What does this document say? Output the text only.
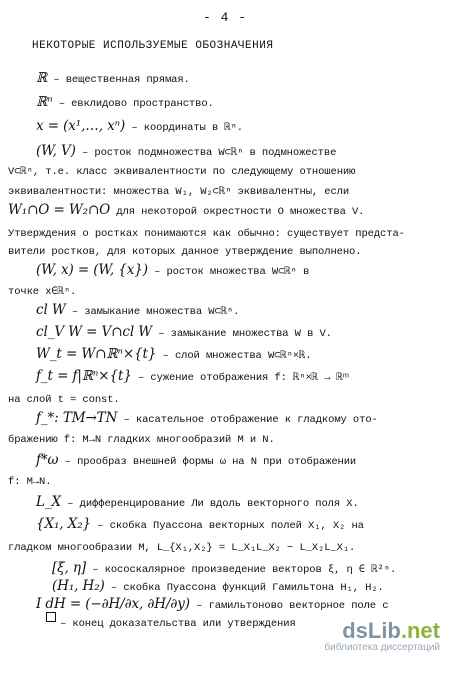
- 4 -
НЕКОТОРЫЕ ИСПОЛЬЗУЕМЫЕ ОБОЗНАЧЕНИЯ
ℝ – вещественная прямая.
ℝⁿ – евклидово пространство.
x = (x¹,…, xⁿ) – координаты в ℝⁿ.
(W, V) – росток подмножества W⊂ℝⁿ в подмножестве
V⊂ℝⁿ, т.е. класс эквивалентности по следующему отношению
эквивалентности: множества W₁, W₂⊂ℝⁿ эквивалентны, если
W₁∩O = W₂∩O для некоторой окрестности O множества V.
Утверждения о ростках понимаются как обычно: существует предста-
вители ростков, для которых данное утверждение выполнено.
(W, x) = (W, {x}) – росток множества W⊂ℝⁿ в
точке x∈ℝⁿ.
cl W – замыкание множества W⊂ℝⁿ.
cl_V W = V∩cl W – замыкание множества W в V.
W_t = W∩ℝⁿ×{t} – слой множества W⊂ℝⁿ×ℝ.
f_t = f|ℝⁿ×{t} – сужение отображения f: ℝⁿ×ℝ → ℝᵐ
на слой t = const.
f_*: TM→TN – касательное отображение к гладкому ото-
бражению f: M→N гладких многообразий M и N.
f*ω – прообраз внешней формы ω на N при отображении
f: M→N.
L_X – дифференцирование Ли вдоль векторного поля X.
{X₁, X₂} – скобка Пуассона векторных полей X₁, X₂ на
гладком многообразии M, L_{X₁,X₂} = L_X₁L_X₂ − L_X₂L_X₁.
[ξ, η] – кососкалярное произведение векторов ξ, η ∈ ℝ²ⁿ.
(H₁, H₂) – скобка Пуассона функций Гамильтона H₁, H₂.
I dH = (−∂H/∂x, ∂H/∂y) – гамильтоново векторное поле с
– конец доказательства или утверждения	dsLib.net
библиотека диссертаций
